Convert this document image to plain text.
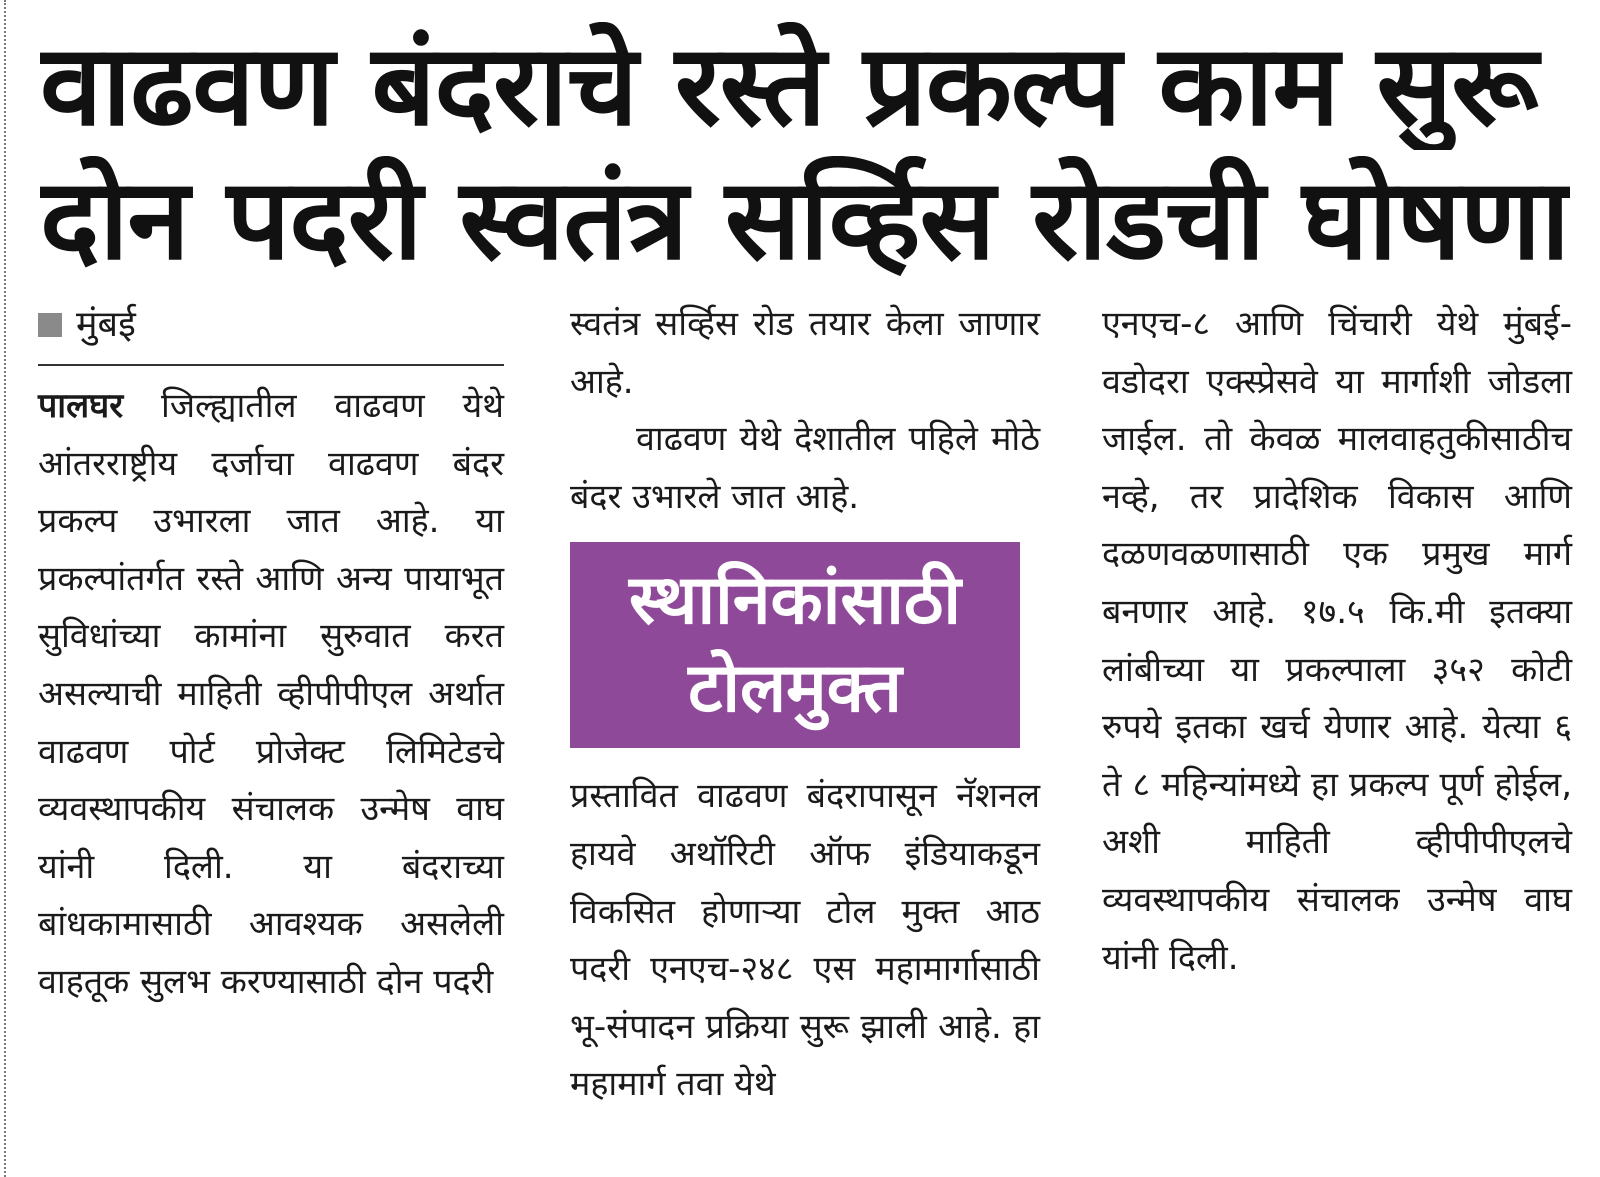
वाढवण बंदराचे रस्ते प्रकल्प काम सुरू
दोन पदरी स्वतंत्र सर्व्हिस रोडची घोषणा
मुंबई

पालघर जिल्ह्यातील वाढवण येथे आंतरराष्ट्रीय दर्जाचा वाढवण बंदर प्रकल्प उभारला जात आहे. या प्रकल्पांतर्गत रस्ते आणि अन्य पायाभूत सुविधांच्या कामांना सुरुवात करत असल्याची माहिती व्हीपीपीएल अर्थात वाढवण पोर्ट प्रोजेक्ट लिमिटेडचे व्यवस्थापकीय संचालक उन्मेष वाघ यांनी दिली. या बंदराच्या बांधकामासाठी आवश्यक असलेली वाहतूक सुलभ करण्यासाठी दोन पदरी

स्वतंत्र सर्व्हिस रोड तयार केला जाणार आहे.

वाढवण येथे देशातील पहिले मोठे बंदर उभारले जात आहे.

स्थानिकांसाठी
टोलमुक्त

प्रस्तावित वाढवण बंदरापासून नॅशनल हायवे अथॉरिटी ऑफ इंडियाकडून विकसित होणाऱ्या टोल मुक्त आठ पदरी एनएच-२४८ एस महामार्गासाठी भू-संपादन प्रक्रिया सुरू झाली आहे. हा महामार्ग तवा येथे

एनएच-८ आणि चिंचारी येथे मुंबई-वडोदरा एक्स्प्रेसवे या मार्गाशी जोडला जाईल. तो केवळ मालवाहतुकीसाठीच नव्हे, तर प्रादेशिक विकास आणि दळणवळणासाठी एक प्रमुख मार्ग बनणार आहे. १७.५ कि.मी इतक्या लांबीच्या या प्रकल्पाला ३५२ कोटी रुपये इतका खर्च येणार आहे. येत्या ६ ते ८ महिन्यांमध्ये हा प्रकल्प पूर्ण होईल, अशी माहिती व्हीपीपीएलचे व्यवस्थापकीय संचालक उन्मेष वाघ यांनी दिली.
